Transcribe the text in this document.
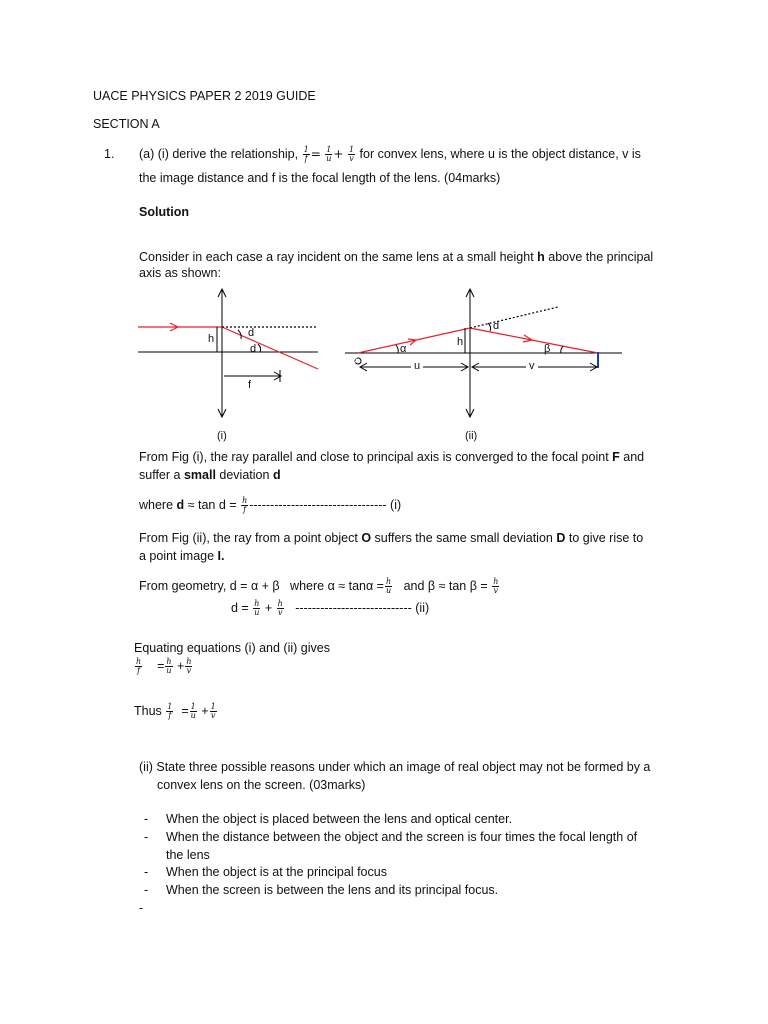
UACE PHYSICS PAPER 2 2019 GUIDE
SECTION A
1. (a) (i) derive the relationship, $\frac{1}{f} = \frac{1}{u} + \frac{1}{v}$ for convex lens, where u is the object distance, v is
the image distance and f is the focal length of the lens. (04marks)
Solution
Consider in each case a ray incident on the same lens at a small height h above the principal
axis as shown:
h	d
d
f
(i)
h
d
α	β
O	u	v
(ii)
From Fig (i), the ray parallel and close to principal axis is converged to the focal point F and
suffer a small deviation d
where $d \approx \tan d = \frac{h}{f}$ --------------------------------- (i)
From Fig (ii), the ray from a point object O suffers the same small deviation D to give rise to
a point image I.
From geometry, d = α + β where $\alpha \approx \tan\alpha = \frac{h}{u}$ and $\beta \approx \tan \beta = \frac{h}{v}$
$d = \frac{h}{u} + \frac{h}{v}$ ---------------------------- (ii)
Equating equations (i) and (ii) gives
$\frac{h}{f} = \frac{h}{u} + \frac{h}{v}$
Thus $\frac{1}{f} = \frac{1}{u} + \frac{1}{v}$
(ii) State three possible reasons under which an image of real object may not be formed by a
convex lens on the screen. (03marks)
- When the object is placed between the lens and optical center.
- When the distance between the object and the screen is four times the focal length of
the lens
- When the object is at the principal focus
- When the screen is between the lens and its principal focus.
-
